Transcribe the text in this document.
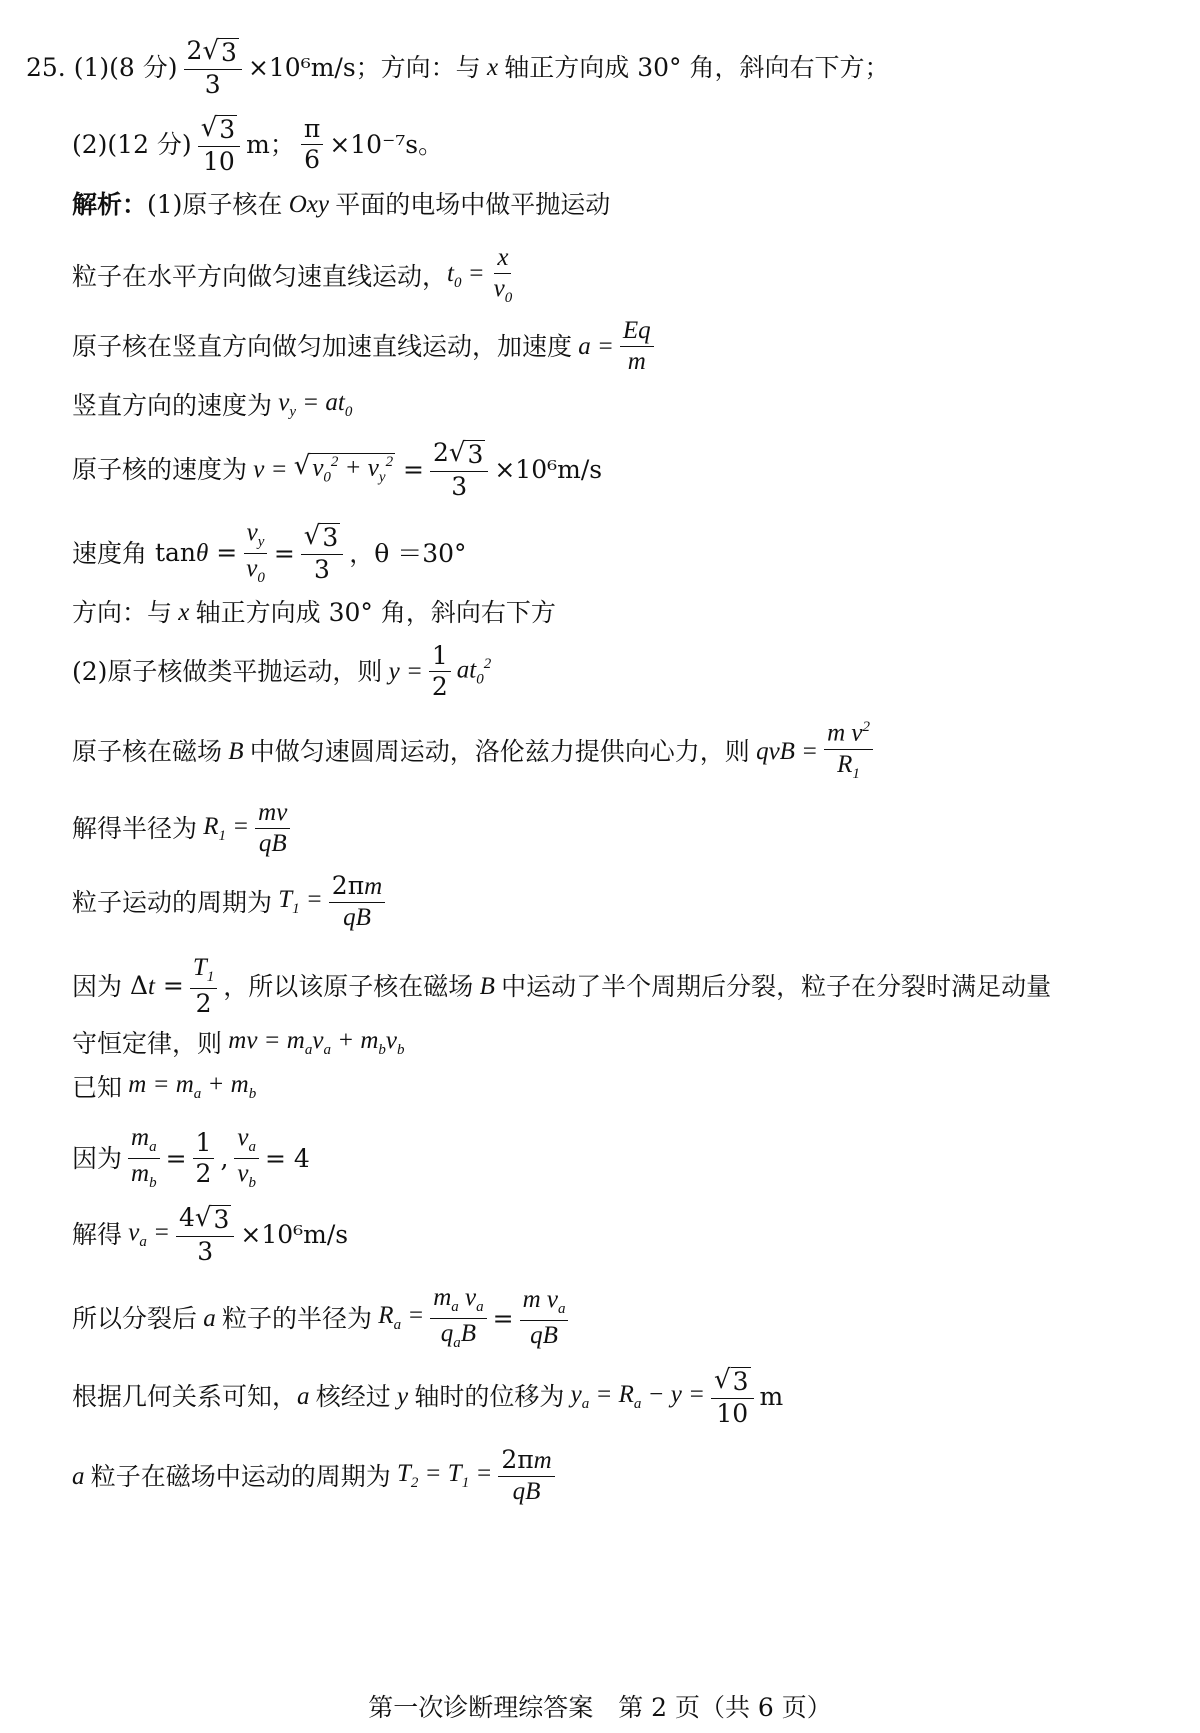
25. (1)(8 分) $\frac{2 √ 3}{3} \times 10^6m/s$；方向：与 x 轴正方向成 30° 角，斜向右下方；
(2)(12 分) $\frac{√ 3}{10}$ m； $\frac{\pi}{6} \times 10^{-7}s$。
解析： (1)原子核在 Oxy 平面的电场中做平抛运动
粒子在水平方向做匀速直线运动， $t_0 = \frac{x}{v_0}$
原子核在竖直方向做匀加速直线运动，加速度 $a = \frac{Eq}{m}$
竖直方向的速度为 $v_y = at_0$
原子核的速度为 v = √ $v_0^2 + v_y^2 = \frac{2 √ 3}{3} \times 10^6m/s$
速度角 $\tan\theta = \frac{v_y}{v_0} = \frac{√ 3}{3}$ ，θ ＝30°
方向：与 x 轴正方向成 30° 角，斜向右下方
(2)原子核做类平抛运动，则 $y = \frac{1}{2} at_0^2$
原子核在磁场 B 中做匀速圆周运动，洛伦兹力提供向心力，则 qvB = $\frac{m v^2}{R_1}$
解得半径为 $R_1 = \frac{mv}{qB}$
粒子运动的周期为 $T_1 = \frac{2\pi m}{qB}$
因为 $\Delta t = \frac{T_1}{2}$ ，所以该原子核在磁场 B 中运动了半个周期后分裂，粒子在分裂时满足动量
守恒定律，则 mv = $m_av_a + m_bv_b$
已知 $m = m_a + m_b$
因为 $\frac{m_a}{m_b} = \frac{1}{2}$ , $\frac{v_a}{v_b} = 4$
解得 $v_a = \frac{4 √ 3}{3} \times 10^6m/s$
所以分裂后 a 粒子的半径为 $R_a = \frac{m_a v_a}{q_aB} = \frac{m v_a}{qB}$
根据几何关系可知， a 核经过 y 轴时的位移为 $y_a = R_a - y = \frac{√ 3}{10}$ m
a 粒子在磁场中运动的周期为 $T_2 = T_1 = \frac{2\pi m}{qB}$
第一次诊断理综答案　第 2 页（共 6 页）
